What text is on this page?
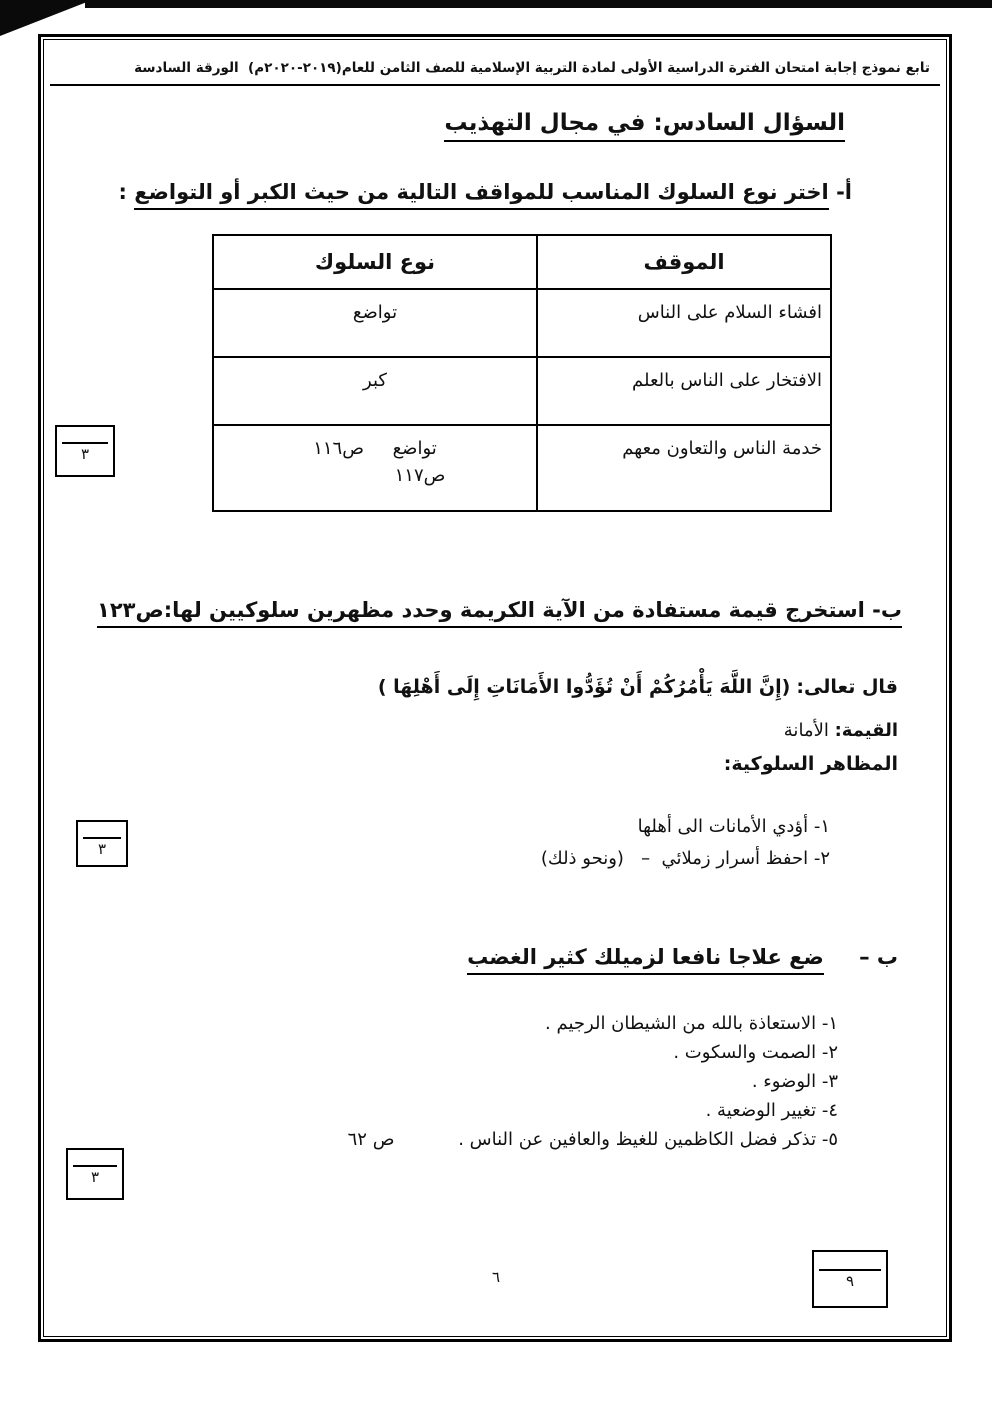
تابع نموذج إجابة امتحان الفترة الدراسية الأولى لمادة التربية الإسلامية للصف الثامن للعام(٢٠١٩-٢٠٢٠م)  الورقة السادسة
السؤال السادس: في مجال التهذيب
أ- اختر نوع السلوك المناسب للمواقف التالية من حيث الكبر أو التواضع :
الموقف	نوع السلوك
افشاء السلام على الناس	تواضع
الافتخار على الناس بالعلم	كبر
خدمة الناس والتعاون معهم	تواضع     ص١١٦
ص١١٧
ب- استخرج قيمة مستفادة من الآية الكريمة وحدد مظهرين سلوكيين لها:ص١٢٣
قال تعالى: (إِنَّ اللَّهَ يَأْمُرُكُمْ أَنْ تُؤَدُّوا الأَمَانَاتِ إِلَى أَهْلِهَا )
القيمة: الأمانة
المظاهر السلوكية:
١- أؤدي الأمانات الى أهلها
٢- احفظ أسرار زملائي  –   (ونحو ذلك)
ب – ضع علاجا نافعا لزميلك كثير الغضب
١- الاستعاذة بالله من الشيطان الرجيم .
٢- الصمت والسكوت .
٣- الوضوء .
٤- تغيير الوضعية .
٥- تذكر فضل الكاظمين للغيظ والعافين عن الناس . ص ٦٢
٣
٣
٣
٩
٦
